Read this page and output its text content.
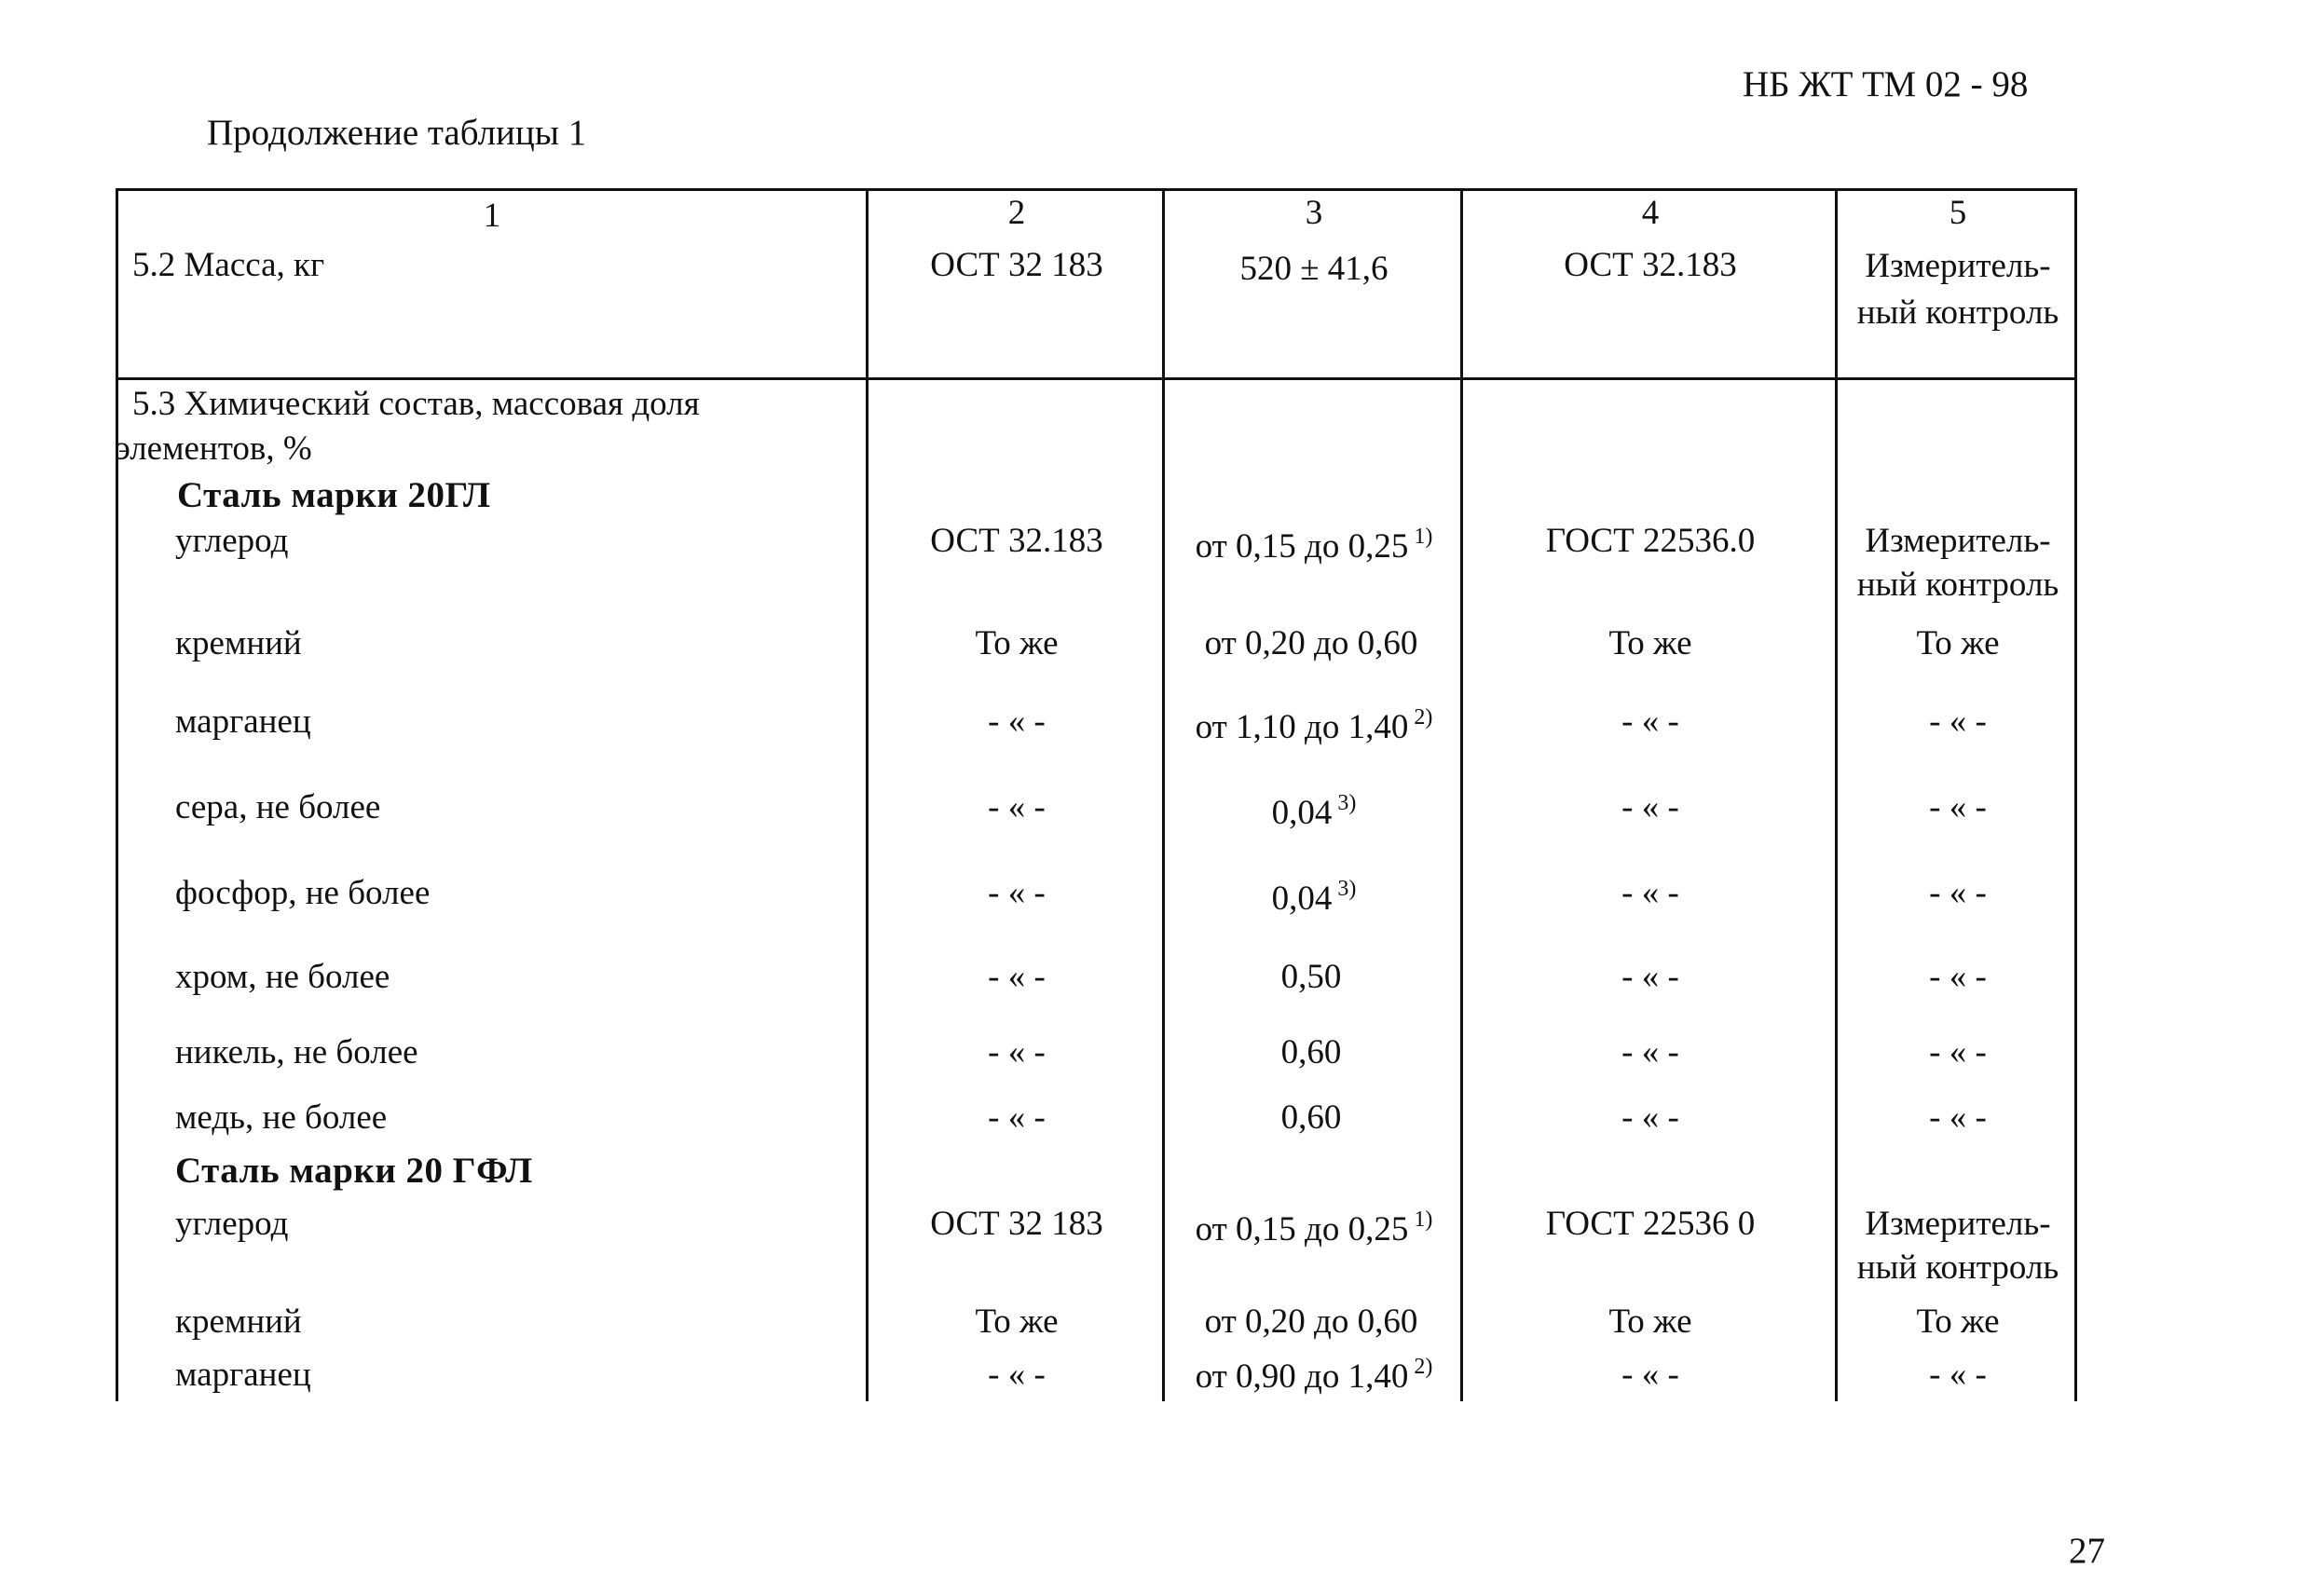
НБ ЖТ ТМ 02 - 98
Продолжение таблицы 1
1	2	3	4	5
5.2 Масса, кг	ОСТ 32 183	520 ± 41,6	ОСТ 32.183	Измеритель-
ный контроль
5.3 Химический состав, массовая доля
элементов, %
Сталь марки 20ГЛ
углерод	ОСТ 32.183	от 0,15 до 0,25 $^{1)}$	ГОСТ 22536.0	Измеритель-
ный контроль
кремний	То же	от 0,20 до 0,60	То же	То же
марганец	- « -	от 1,10 до 1,40 $^{2)}$	- « -	- « -
сера, не более	- « -	0,04 $^{3)}$	- « -	- « -
фосфор, не более	- « -	0,04 $^{3)}$	- « -	- « -
хром, не более	- « -	0,50	- « -	- « -
никель, не более	- « -	0,60	- « -	- « -
медь, не более	- « -	0,60	- « -	- « -
Сталь марки 20 ГФЛ
углерод	ОСТ 32 183	от 0,15 до 0,25 $^{1)}$	ГОСТ 22536 0	Измеритель-
ный контроль
кремний	То же	от 0,20 до 0,60	То же	То же
марганец	- « -	от 0,90 до 1,40 $^{2)}$	- « -	- « -
27
